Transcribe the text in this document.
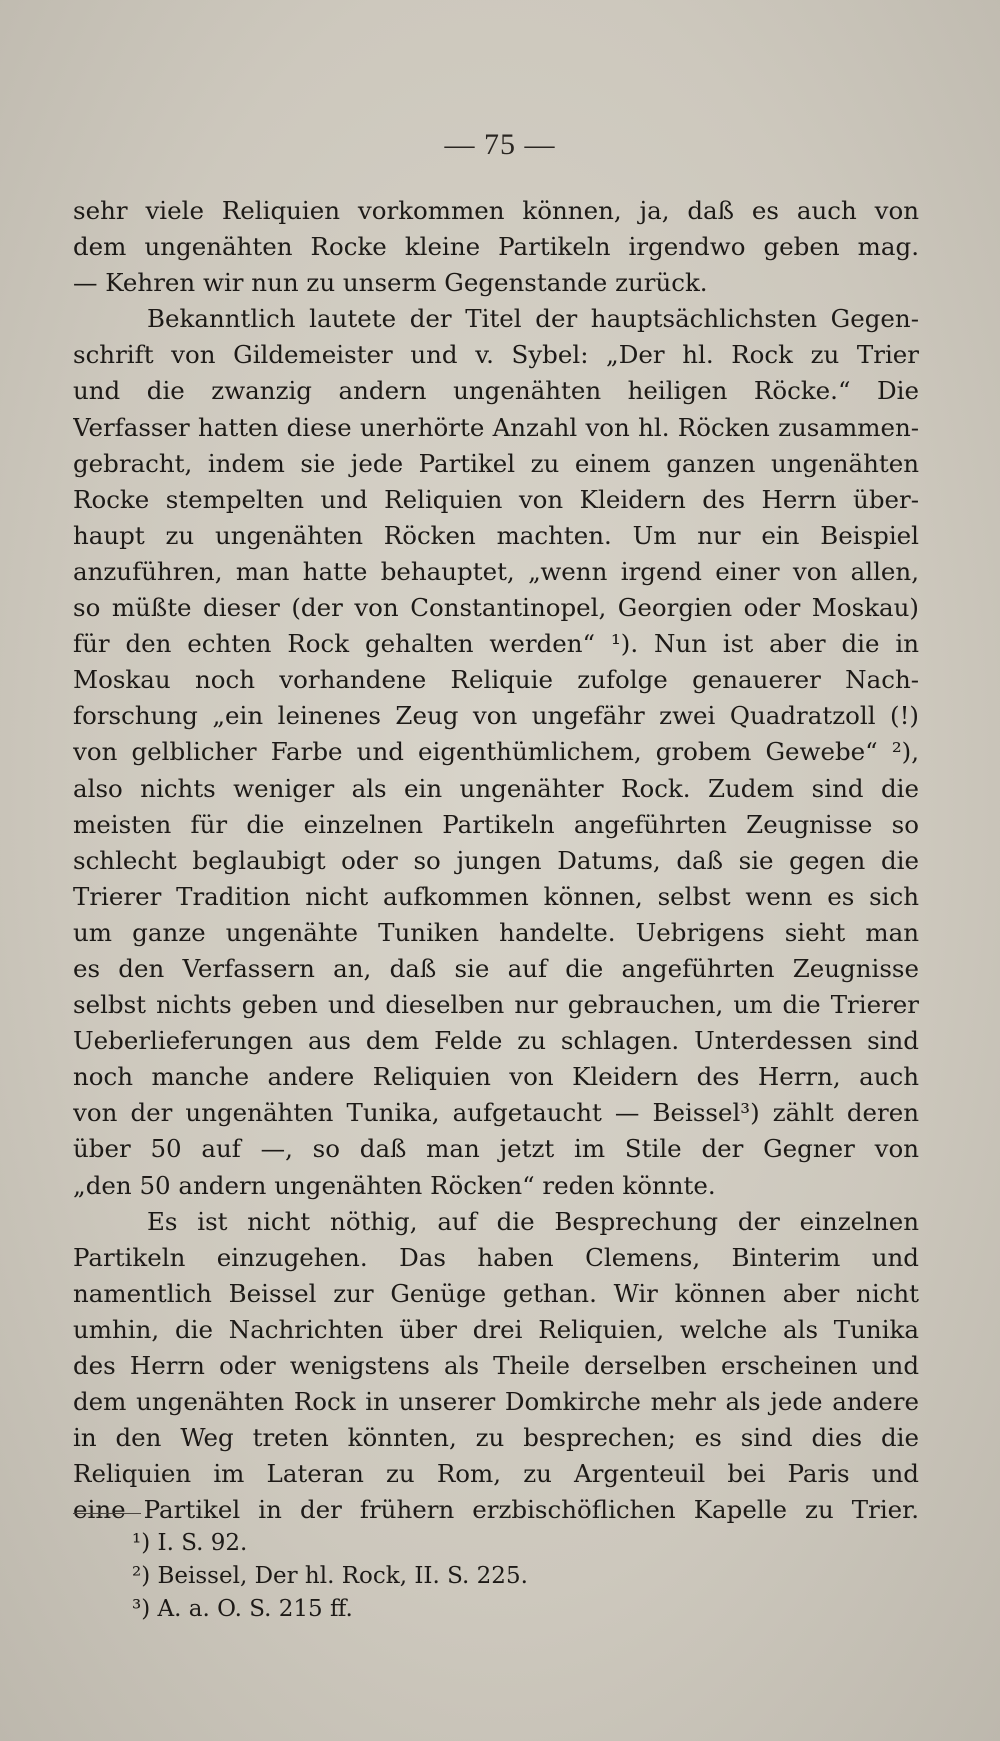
— 75 —
sehr viele Reliquien vorkommen können, ja, daß es auch von
dem ungenähten Rocke kleine Partikeln irgendwo geben mag.
— Kehren wir nun zu unserm Gegenstande zurück.
Bekanntlich lautete der Titel der hauptsächlichsten Gegen-
schrift von Gildemeister und v. Sybel: „Der hl. Rock zu Trier
und die zwanzig andern ungenähten heiligen Röcke.“ Die
Verfasser hatten diese unerhörte Anzahl von hl. Röcken zusammen-
gebracht, indem sie jede Partikel zu einem ganzen ungenähten
Rocke stempelten und Reliquien von Kleidern des Herrn über-
haupt zu ungenähten Röcken machten. Um nur ein Beispiel
anzuführen, man hatte behauptet, „wenn irgend einer von allen,
so müßte dieser (der von Constantinopel, Georgien oder Moskau)
für den echten Rock gehalten werden“ ¹). Nun ist aber die in
Moskau noch vorhandene Reliquie zufolge genauerer Nach-
forschung „ein leinenes Zeug von ungefähr zwei Quadratzoll (!)
von gelblicher Farbe und eigenthümlichem, grobem Gewebe“ ²),
also nichts weniger als ein ungenähter Rock. Zudem sind die
meisten für die einzelnen Partikeln angeführten Zeugnisse so
schlecht beglaubigt oder so jungen Datums, daß sie gegen die
Trierer Tradition nicht aufkommen können, selbst wenn es sich
um ganze ungenähte Tuniken handelte. Uebrigens sieht man
es den Verfassern an, daß sie auf die angeführten Zeugnisse
selbst nichts geben und dieselben nur gebrauchen, um die Trierer
Ueberlieferungen aus dem Felde zu schlagen. Unterdessen sind
noch manche andere Reliquien von Kleidern des Herrn, auch
von der ungenähten Tunika, aufgetaucht — Beissel³) zählt deren
über 50 auf —, so daß man jetzt im Stile der Gegner von
„den 50 andern ungenähten Röcken“ reden könnte.
Es ist nicht nöthig, auf die Besprechung der einzelnen
Partikeln einzugehen. Das haben Clemens, Binterim und
namentlich Beissel zur Genüge gethan. Wir können aber nicht
umhin, die Nachrichten über drei Reliquien, welche als Tunika
des Herrn oder wenigstens als Theile derselben erscheinen und
dem ungenähten Rock in unserer Domkirche mehr als jede andere
in den Weg treten könnten, zu besprechen; es sind dies die
Reliquien im Lateran zu Rom, zu Argenteuil bei Paris und
eine Partikel in der frühern erzbischöflichen Kapelle zu Trier.
¹) I. S. 92.
²) Beissel, Der hl. Rock, II. S. 225.
³) A. a. O. S. 215 ff.
